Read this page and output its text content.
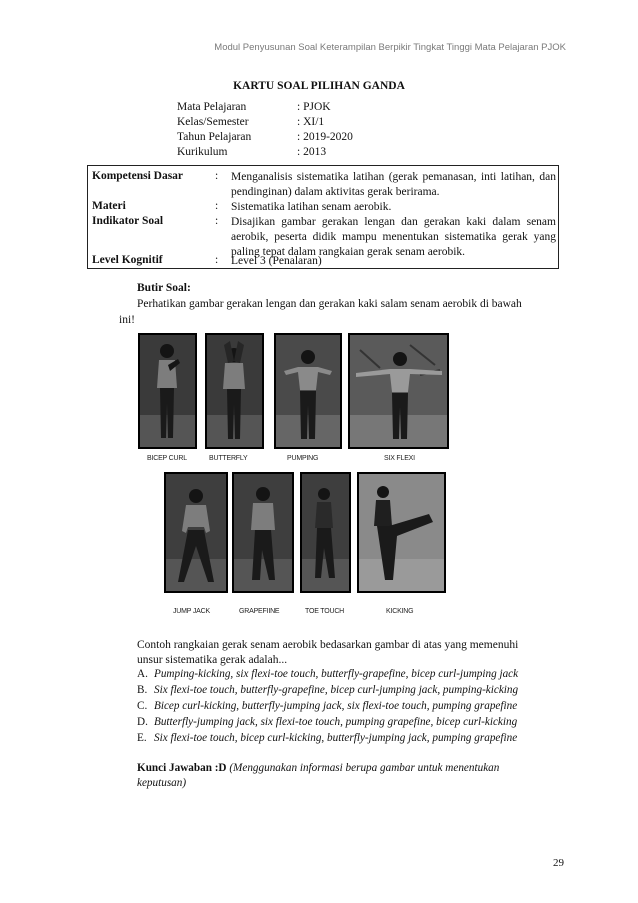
Modul Penyusunan Soal Keterampilan Berpikir Tingkat Tinggi Mata Pelajaran PJOK
KARTU SOAL PILIHAN GANDA
Mata Pelajaran	: PJOK
Kelas/Semester	: XI/1
Tahun Pelajaran	: 2019-2020
Kurikulum	: 2013
Kompetensi Dasar	: Menganalisis sistematika latihan (gerak pemanasan, inti latihan, dan pendinginan) dalam aktivitas gerak berirama.
Materi	: Sistematika latihan senam aerobik.
Indikator Soal	: Disajikan gambar gerakan lengan dan gerakan kaki dalam senam aerobik, peserta didik mampu menentukan sistematika gerak yang paling tepat dalam rangkaian gerak senam aerobik.
Level Kognitif	: Level 3 (Penalaran)
Butir Soal:
Perhatikan gambar gerakan lengan dan gerakan kaki salam senam aerobik di bawah
ini!
BICEP CURL	BUTTERFLY	PUMPING	SIX FLEXI
JUMP JACK	GRAPEFIINE	TOE TOUCH	KICKING
Contoh rangkaian gerak senam aerobik bedasarkan gambar di atas yang memenuhi
unsur sistematika gerak adalah...
A. Pumping-kicking, six flexi-toe touch, butterfly-grapefine, bicep curl-jumping jack
B. Six flexi-toe touch, butterfly-grapefine, bicep curl-jumping jack, pumping-kicking
C. Bicep curl-kicking, butterfly-jumping jack, six flexi-toe touch, pumping grapefine
D. Butterfly-jumping jack, six flexi-toe touch, pumping grapefine, bicep curl-kicking
E. Six flexi-toe touch, bicep curl-kicking, butterfly-jumping jack, pumping grapefine
Kunci Jawaban :D (Menggunakan informasi berupa gambar untuk menentukan
keputusan)
29
